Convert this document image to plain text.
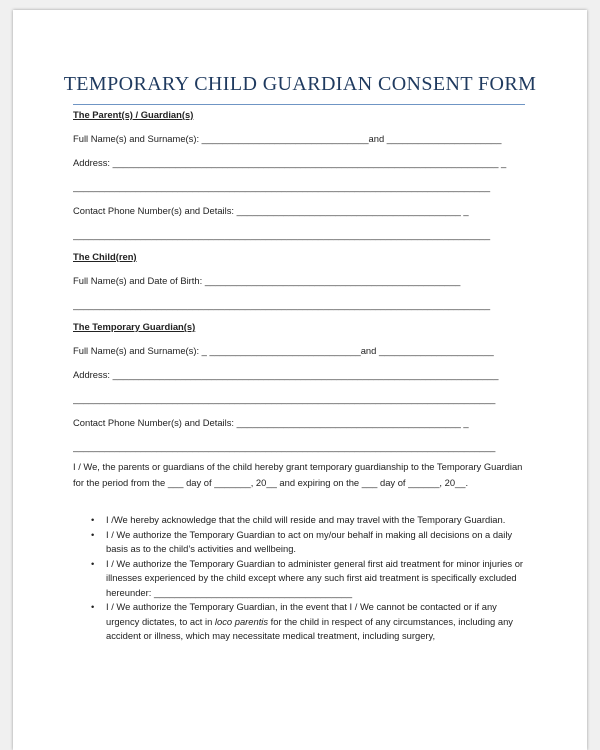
TEMPORARY CHILD GUARDIAN CONSENT FORM
The Parent(s) / Guardian(s)
Full Name(s) and Surname(s): ________________________________and ______________________
Address: __________________________________________________________________________ _
________________________________________________________________________________
Contact Phone Number(s) and Details: ___________________________________________ _
________________________________________________________________________________
The Child(ren)
Full Name(s) and Date of Birth: _________________________________________________
________________________________________________________________________________
The Temporary Guardian(s)
Full Name(s) and Surname(s): _ _____________________________and ______________________
Address: __________________________________________________________________________
_________________________________________________________________________________
Contact Phone Number(s) and Details: ___________________________________________ _
_________________________________________________________________________________
I / We, the parents or guardians of the child hereby grant temporary guardianship to the Temporary Guardian for the period from the ___ day of _______, 20__ and expiring on the ___ day of ______, 20__.
• I /We hereby acknowledge that the child will reside and may travel with the Temporary Guardian.
• I / We authorize the Temporary Guardian to act on my/our behalf in making all decisions on a daily basis as to the child’s activities and wellbeing.
• I / We authorize the Temporary Guardian to administer general first aid treatment for minor injuries or illnesses experienced by the child except where any such first aid treatment is specifically excluded hereunder: ______________________________________
• I / We authorize the Temporary Guardian, in the event that I / We cannot be contacted or if any urgency dictates, to act in loco parentis for the child in respect of any circumstances, including any accident or illness, which may necessitate medical treatment, including surgery,
